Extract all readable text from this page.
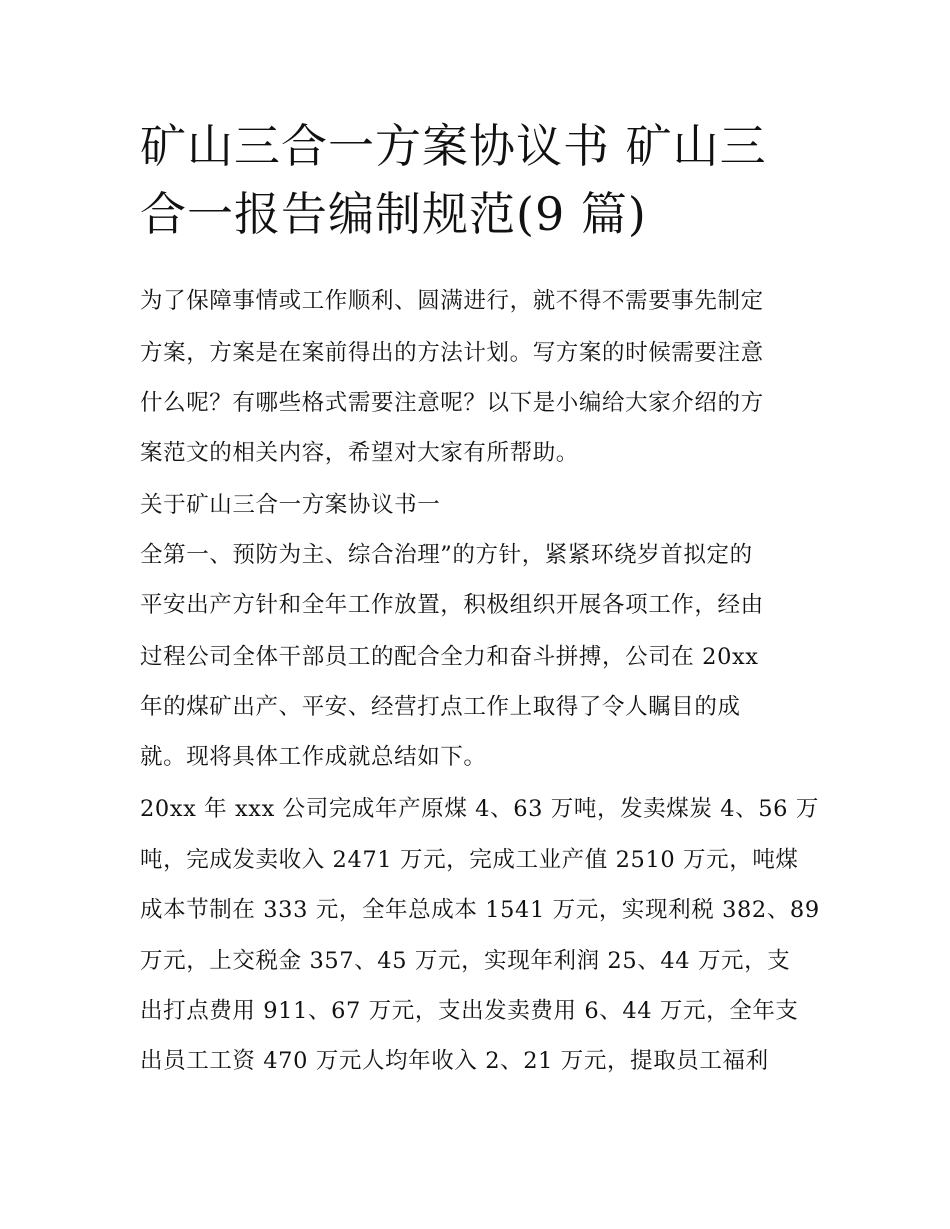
矿山三合一方案协议书 矿山三
合一报告编制规范(9 篇)
为了保障事情或工作顺利、圆满进行，就不得不需要事先制定
方案，方案是在案前得出的方法计划。写方案的时候需要注意
什么呢？有哪些格式需要注意呢？以下是小编给大家介绍的方
案范文的相关内容，希望对大家有所帮助。
关于矿山三合一方案协议书一
全第一、预防为主、综合治理”的方针，紧紧环绕岁首拟定的
平安出产方针和全年工作放置，积极组织开展各项工作，经由
过程公司全体干部员工的配合全力和奋斗拼搏，公司在 20xx
年的煤矿出产、平安、经营打点工作上取得了令人瞩目的成
就。现将具体工作成就总结如下。
20xx 年 xxx 公司完成年产原煤 4、63 万吨，发卖煤炭 4、56 万
吨，完成发卖收入 2471 万元，完成工业产值 2510 万元，吨煤
成本节制在 333 元，全年总成本 1541 万元，实现利税 382、89
万元，上交税金 357、45 万元，实现年利润 25、44 万元，支
出打点费用 911、67 万元，支出发卖费用 6、44 万元，全年支
出员工工资 470 万元人均年收入 2、21 万元，提取员工福利
